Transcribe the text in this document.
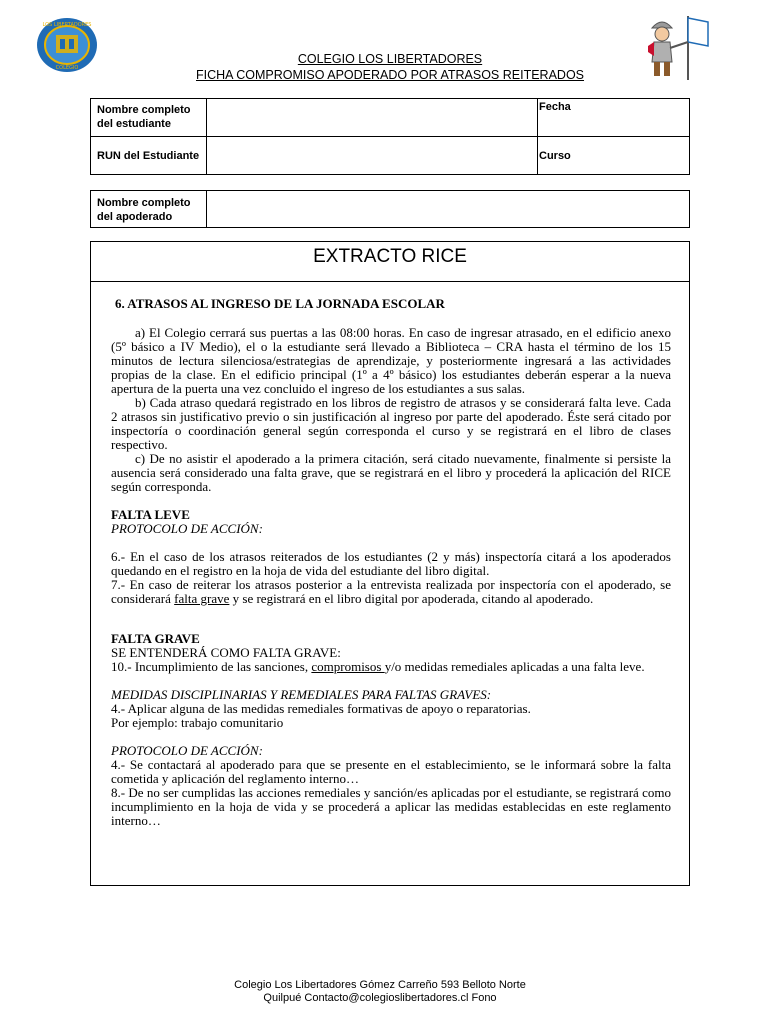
LOS LIBERTADORES
COLEGIO
COLEGIO LOS LIBERTADORES
FICHA COMPROMISO APODERADO POR ATRASOS REITERADOS
Nombre completo del estudiante
Fecha
RUN del Estudiante	Curso
Nombre completo del apoderado
EXTRACTO RICE
6. ATRASOS AL INGRESO DE LA JORNADA ESCOLAR

a) El Colegio cerrará sus puertas a las 08:00 horas. En caso de ingresar atrasado, en el edificio anexo (5º básico a IV Medio), el o la estudiante será llevado a Biblioteca – CRA hasta el término de los 15 minutos de lectura silenciosa/estrategias de aprendizaje, y posteriormente ingresará a las actividades propias de la clase. En el edificio principal (1º a 4º básico) los estudiantes deberán esperar a la nueva apertura de la puerta una vez concluido el ingreso de los estudiantes a sus salas.

b) Cada atraso quedará registrado en los libros de registro de atrasos y se considerará falta leve. Cada 2 atrasos sin justificativo previo o sin justificación al ingreso por parte del apoderado. Éste será citado por inspectoría o coordinación general según corresponda el curso y se registrará en el libro de clases respectivo.

c) De no asistir el apoderado a la primera citación, será citado nuevamente, finalmente si persiste la ausencia será considerado una falta grave, que se registrará en el libro y procederá la aplicación del RICE según corresponda.

FALTA LEVE

PROTOCOLO DE ACCIÓN:

6.- En el caso de los atrasos reiterados de los estudiantes (2 y más) inspectoría citará a los apoderados quedando en el registro en la hoja de vida del estudiante del libro digital.

7.- En caso de reiterar los atrasos posterior a la entrevista realizada por inspectoría con el apoderado, se considerará falta grave y se registrará en el libro digital por apoderada, citando al apoderado.

FALTA GRAVE

SE ENTENDERÁ COMO FALTA GRAVE:

10.- Incumplimiento de las sanciones, compromisos y/o medidas remediales aplicadas a una falta leve.

MEDIDAS DISCIPLINARIAS Y REMEDIALES PARA FALTAS GRAVES:

4.- Aplicar alguna de las medidas remediales formativas de apoyo o reparatorias.

Por ejemplo: trabajo comunitario

PROTOCOLO DE ACCIÓN:

4.- Se contactará al apoderado para que se presente en el establecimiento, se le informará sobre la falta cometida y aplicación del reglamento interno…

8.- De no ser cumplidas las acciones remediales y sanción/es aplicadas por el estudiante, se registrará como incumplimiento en la hoja de vida y se procederá a aplicar las medidas establecidas en este reglamento interno…

Colegio Los Libertadores Gómez Carreño 593 Belloto Norte
Quilpué Contacto@colegioslibertadores.cl Fono
